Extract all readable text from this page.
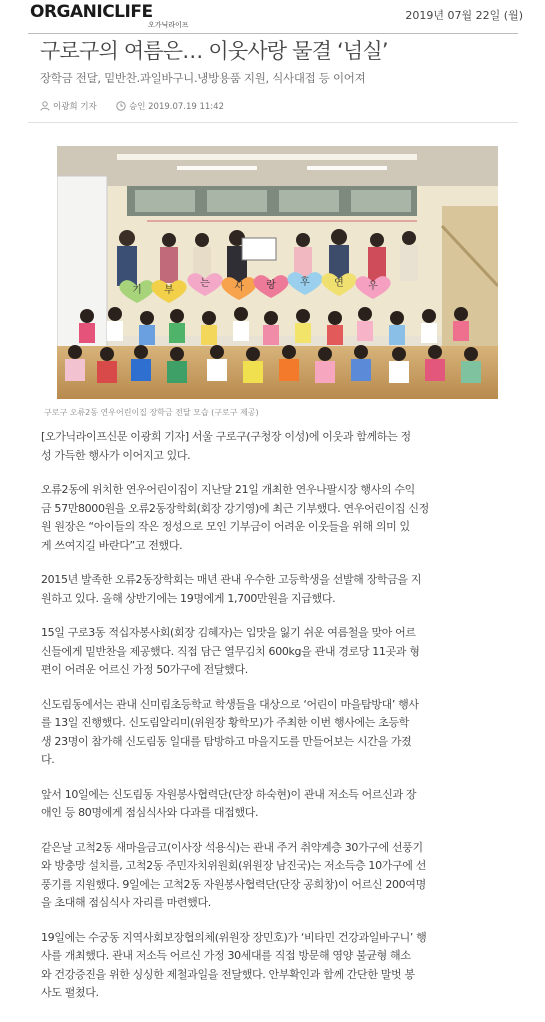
ORGANICLIFE
오가닉라이프
2019년 07월 22일 (월)
구로구의 여름은… 이웃사랑 물결 ‘넘실’
장학금 전달, 밑반찬.과일바구니.냉방용품 지원, 식사대접 등 이어져
이광희 기자	승인 2019.07.19 11:42
기 부
는 사 랑 후 연 우
구로구 오류2동 연우어린이집 장학금 전달 모습 (구로구 제공)

[오가닉라이프신문 이광희 기자] 서울 구로구(구청장 이성)에 이웃과 함께하는 정
성 가득한 행사가 이어지고 있다.

오류2동에 위치한 연우어린이집이 지난달 21일 개최한 연우나팔시장 행사의 수익
금 57만8000원을 오류2동장학회(회장 강기영)에 최근 기부했다. 연우어린이집 신정
원 원장은 “아이들의 작은 정성으로 모인 기부금이 어려운 이웃들을 위해 의미 있
게 쓰여지길 바란다”고 전했다.

2015년 발족한 오류2동장학회는 매년 관내 우수한 고등학생을 선발해 장학금을 지
원하고 있다. 올해 상반기에는 19명에게 1,700만원을 지급했다.

15일 구로3동 적십자봉사회(회장 김혜자)는 입맛을 잃기 쉬운 여름철을 맞아 어르
신들에게 밑반찬을 제공했다. 직접 담근 열무김치 600kg을 관내 경로당 11곳과 형
편이 어려운 어르신 가정 50가구에 전달했다.

신도림동에서는 관내 신미림초등학교 학생들을 대상으로 ‘어린이 마을탐방대’ 행사
를 13일 진행했다. 신도림알리미(위원장 황학모)가 주최한 이번 행사에는 초등학
생 23명이 참가해 신도림동 일대를 탐방하고 마을지도를 만들어보는 시간을 가졌
다.

앞서 10일에는 신도림동 자원봉사협력단(단장 하숙현)이 관내 저소득 어르신과 장
애인 등 80명에게 점심식사와 다과를 대접했다.

같은날 고척2동 새마을금고(이사장 석용식)는 관내 주거 취약계층 30가구에 선풍기
와 방충망 설치를, 고척2동 주민자치위원회(위원장 남진국)는 저소득층 10가구에 선
풍기를 지원했다. 9일에는 고척2동 자원봉사협력단(단장 공희창)이 어르신 200여명
을 초대해 점심식사 자리를 마련했다.

19일에는 수궁동 지역사회보장협의체(위원장 장민호)가 ‘비타민 건강과일바구니’ 행
사를 개최했다. 관내 저소득 어르신 가정 30세대를 직접 방문해 영양 불균형 해소
와 건강증진을 위한 싱싱한 제철과일을 전달했다. 안부확인과 함께 간단한 말벗 봉
사도 펼쳤다.
